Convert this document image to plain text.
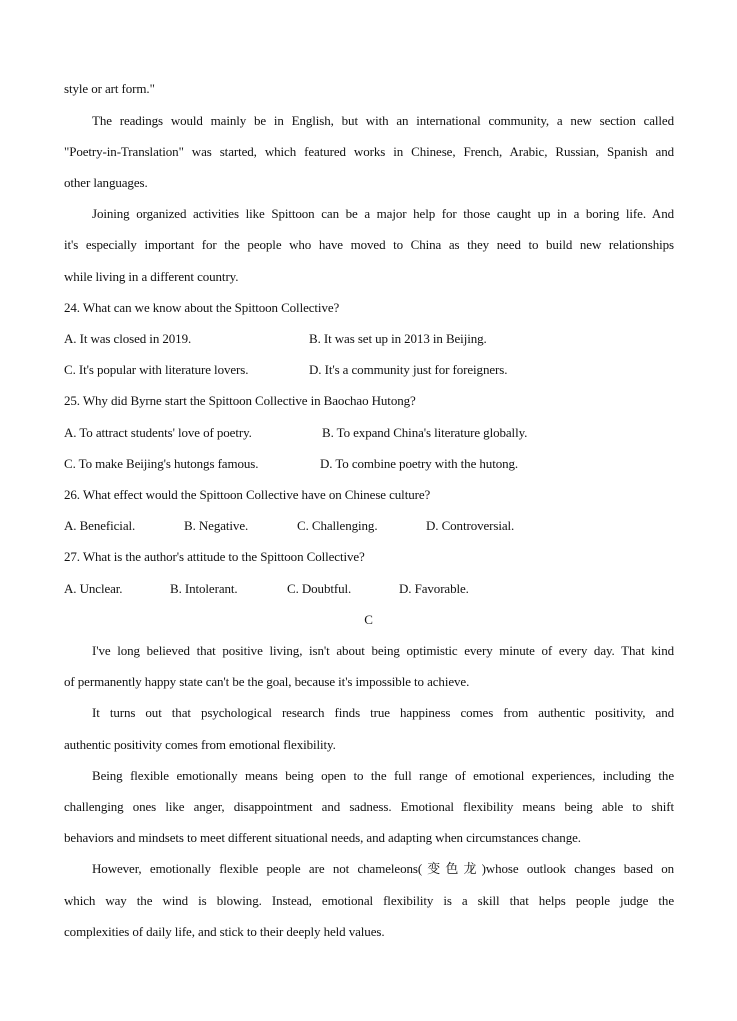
style or art form."
The readings would mainly be in English, but with an international community, a new section called
"Poetry-in-Translation" was started, which featured works in Chinese, French, Arabic, Russian, Spanish and
other languages.
Joining organized activities like Spittoon can be a major help for those caught up in a boring life. And
it's especially important for the people who have moved to China as they need to build new relationships
while living in a different country.
24. What can we know about the Spittoon Collective?
A. It was closed in 2019.	B. It was set up in 2013 in Beijing.
C. It's popular with literature lovers.	D. It's a community just for foreigners.
25. Why did Byrne start the Spittoon Collective in Baochao Hutong?
A. To attract students' love of poetry.	B. To expand China's literature globally.
C. To make Beijing's hutongs famous.	D. To combine poetry with the hutong.
26. What effect would the Spittoon Collective have on Chinese culture?
A. Beneficial.	B. Negative.	C. Challenging.	D. Controversial.
27. What is the author's attitude to the Spittoon Collective?
A. Unclear.	B. Intolerant.	C. Doubtful.	D. Favorable.
C
I've long believed that positive living, isn't about being optimistic every minute of every day. That kind
of permanently happy state can't be the goal, because it's impossible to achieve.
It turns out that psychological research finds true happiness comes from authentic positivity, and
authentic positivity comes from emotional flexibility.
Being flexible emotionally means being open to the full range of emotional experiences, including the
challenging ones like anger, disappointment and sadness. Emotional flexibility means being able to shift
behaviors and mindsets to meet different situational needs, and adapting when circumstances change.
However, emotionally flexible people are not chameleons(变色龙)whose outlook changes based on
which way the wind is blowing. Instead, emotional flexibility is a skill that helps people judge the
complexities of daily life, and stick to their deeply held values.
